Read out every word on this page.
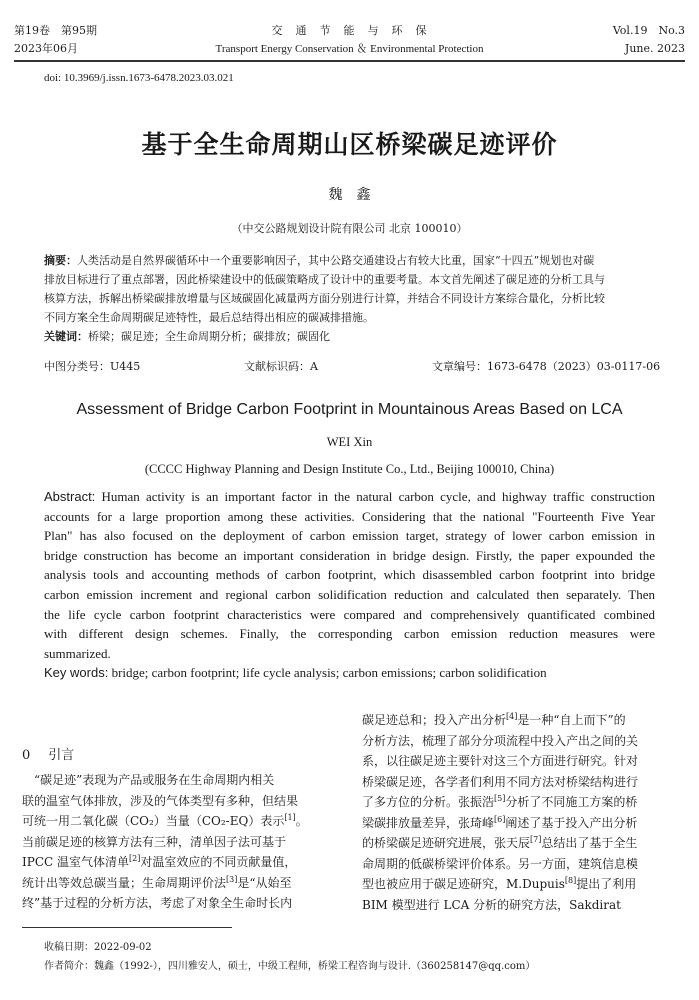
第19卷　第95期
2023年06月
交　通　节　能　与　环　保
Transport Energy Conservation ＆ Environmental Protection
Vol.19　No.3
June. 2023
doi: 10.3969/j.issn.1673-6478.2023.03.021
基于全生命周期山区桥梁碳足迹评价
魏　鑫
（中交公路规划设计院有限公司 北京 100010）
摘要：人类活动是自然界碳循环中一个重要影响因子，其中公路交通建设占有较大比重，国家“十四五”规划也对碳
排放目标进行了重点部署，因此桥梁建设中的低碳策略成了设计中的重要考量。本文首先阐述了碳足迹的分析工具与
核算方法，拆解出桥梁碳排放增量与区域碳固化减量两方面分别进行计算，并结合不同设计方案综合量化，分析比较
不同方案全生命周期碳足迹特性，最后总结得出相应的碳减排措施。
关键词：桥梁；碳足迹；全生命周期分析；碳排放；碳固化
中图分类号：U445	文献标识码：A	文章编号：1673-6478（2023）03-0117-06
Assessment of Bridge Carbon Footprint in Mountainous Areas Based on LCA
WEI Xin
(CCCC Highway Planning and Design Institute Co., Ltd., Beijing 100010, China)
Abstract: Human activity is an important factor in the natural carbon cycle, and highway traffic construction
accounts for a large proportion among these activities. Considering that the national "Fourteenth Five Year
Plan" has also focused on the deployment of carbon emission target, strategy of lower carbon emission in
bridge construction has become an important consideration in bridge design. Firstly, the paper expounded the
analysis tools and accounting methods of carbon footprint, which disassembled carbon footprint into bridge
carbon emission increment and regional carbon solidification reduction and calculated then separately. Then
the life cycle carbon footprint characteristics were compared and comprehensively quantificated combined
with different design schemes. Finally, the corresponding carbon emission reduction measures were
summarized.
Key words: bridge; carbon footprint; life cycle analysis; carbon emissions; carbon solidification
0 引言
　“碳足迹”表现为产品或服务在生命周期内相关
联的温室气体排放，涉及的气体类型有多种，但结果
可统一用二氧化碳（CO₂）当量（CO₂-EQ）表示[1]。
当前碳足迹的核算方法有三种，清单因子法可基于
IPCC 温室气体清单[2]对温室效应的不同贡献量值，
统计出等效总碳当量；生命周期评价法[3]是“从始至
终”基于过程的分析方法，考虑了对象全生命时长内
碳足迹总和；投入产出分析[4]是一种“自上而下”的
分析方法，梳理了部分分项流程中投入产出之间的关
系，以往碳足迹主要针对这三个方面进行研究。针对
桥梁碳足迹，各学者们利用不同方法对桥梁结构进行
了多方位的分析。张振浩[5]分析了不同施工方案的桥
梁碳排放量差异，张琦峰[6]阐述了基于投入产出分析
的桥梁碳足迹研究进展，张天辰[7]总结出了基于全生
命周期的低碳桥梁评价体系。另一方面，建筑信息模
型也被应用于碳足迹研究，M.Dupuis[8]提出了利用
BIM 模型进行 LCA 分析的研究方法，Sakdirat
收稿日期：2022-09-02
作者简介：魏鑫（1992-），四川雅安人，硕士，中级工程师，桥梁工程咨询与设计.（360258147@qq.com）
